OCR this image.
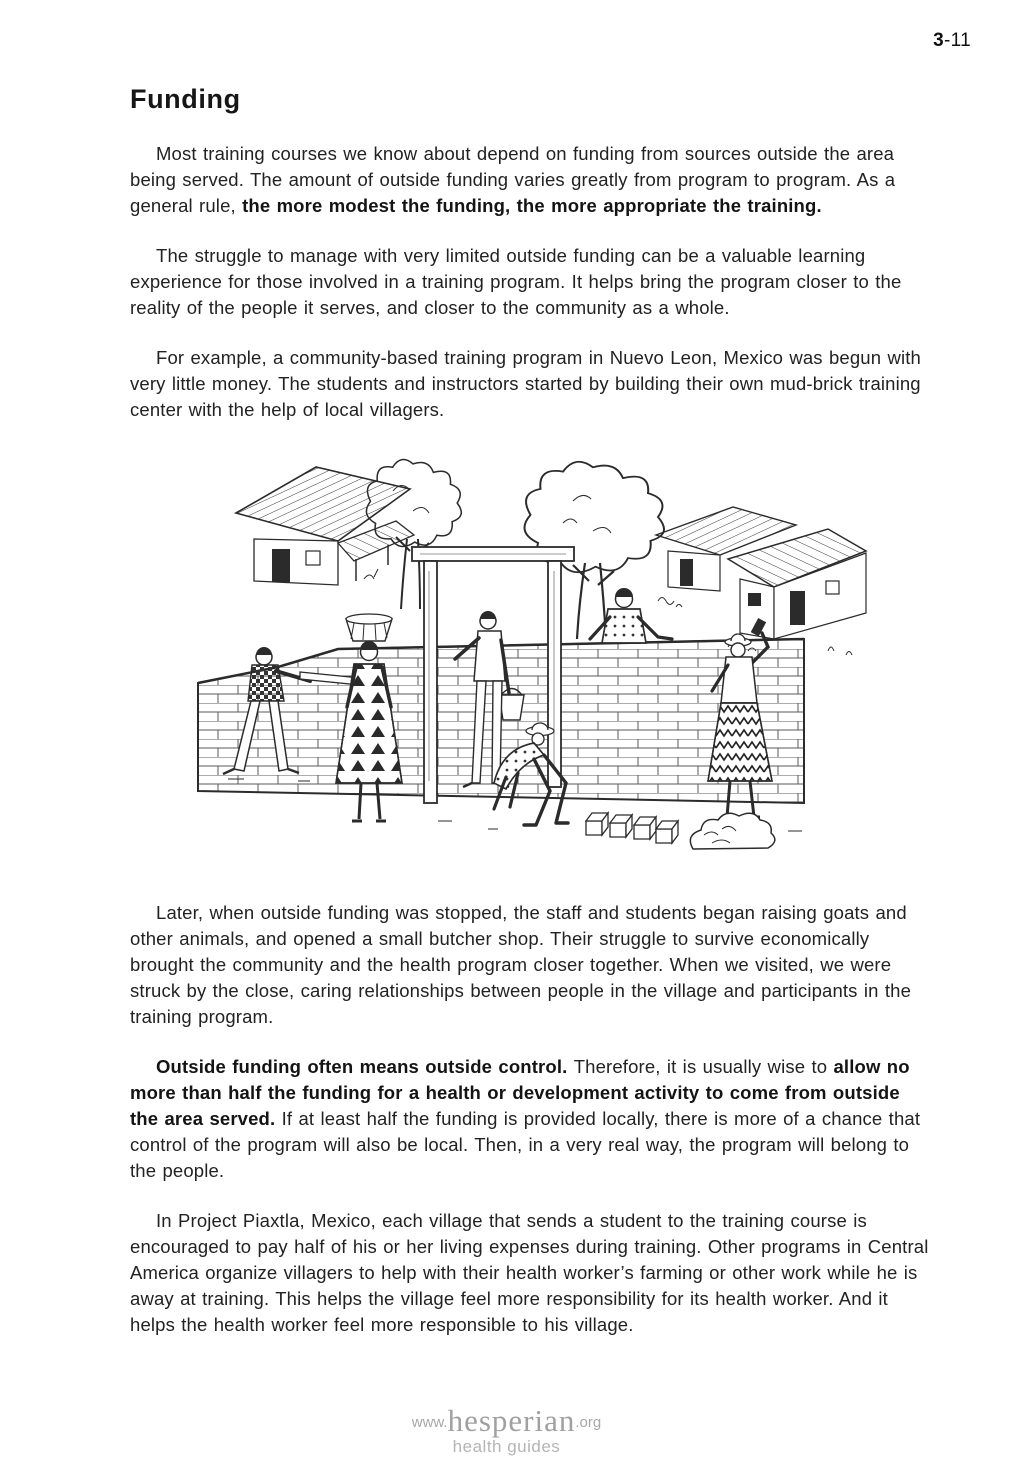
3-11
Funding

Most training courses we know about depend on funding from sources outside the area being served. The amount of outside funding varies greatly from program to program. As a general rule, the more modest the funding, the more appropriate the training.

The struggle to manage with very limited outside funding can be a valuable learning experience for those involved in a training program. It helps bring the program closer to the reality of the people it serves, and closer to the community as a whole.

For example, a community-based training program in Nuevo Leon, Mexico was begun with very little money. The students and instructors started by building their own mud-brick training center with the help of local villagers.

Later, when outside funding was stopped, the staff and students began raising goats and other animals, and opened a small butcher shop. Their struggle to survive economically brought the community and the health program closer together. When we visited, we were struck by the close, caring relationships between people in the village and participants in the training program.

Outside funding often means outside control. Therefore, it is usually wise to allow no more than half the funding for a health or development activity to come from outside the area served. If at least half the funding is provided locally, there is more of a chance that control of the program will also be local. Then, in a very real way, the program will belong to the people.

In Project Piaxtla, Mexico, each village that sends a student to the training course is encouraged to pay half of his or her living expenses during training. Other programs in Central America organize villagers to help with their health worker’s farming or other work while he is away at training. This helps the village feel more responsibility for its health worker. And it helps the health worker feel more responsible to his village.

www.hesperian.org
health guides
